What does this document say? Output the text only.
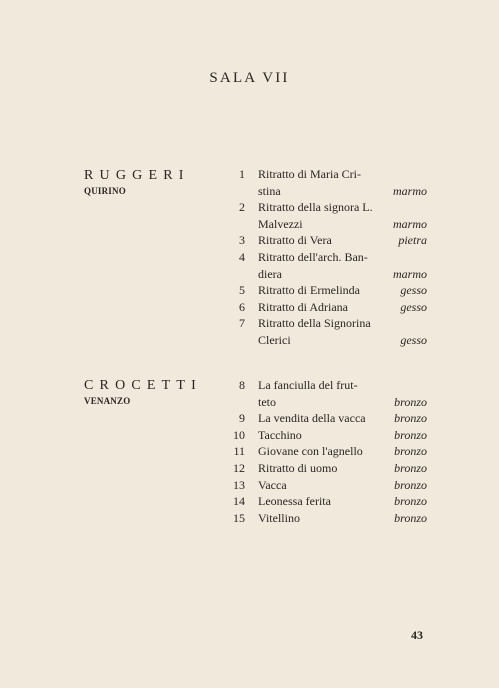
SALA VII
RUGGERI
QUIRINO
1 Ritratto di Maria Cri-
stina	marmo
2 Ritratto della signora L.
Malvezzi	marmo
3 Ritratto di Vera	pietra
4 Ritratto dell'arch. Ban-
diera	marmo
5 Ritratto di Ermelinda	gesso
6 Ritratto di Adriana	gesso
7 Ritratto della Signorina
Clerici	gesso
CROCETTI
VENANZO
8 La fanciulla del frut-
teto	bronzo
9 La vendita della vacca bronzo
10 Tacchino	bronzo
11 Giovane con l'agnello	bronzo
12 Ritratto di uomo	bronzo
13 Vacca	bronzo
14 Leonessa ferita	bronzo
15 Vitellino	bronzo
43
